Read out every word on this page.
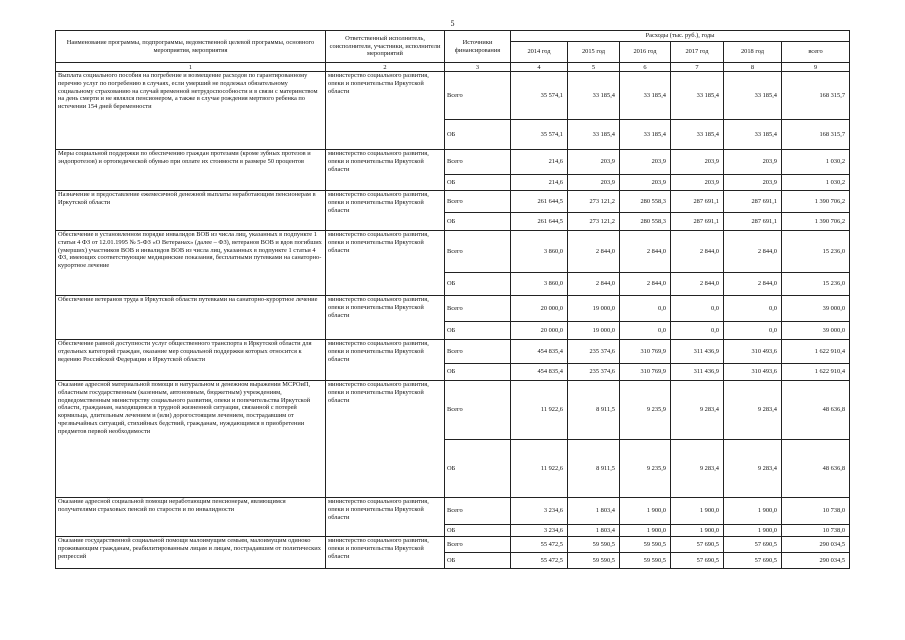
5
Наименование программы, подпрограммы, ведомственной целевой программы, основного мероприятия, мероприятия	Ответственный исполнитель, соисполнители, участники, исполнители мероприятий	Источники финансирования	Расходы (тыс. руб.), годы					
			2014 год	2015 год	2016 год	2017 год	2018 год	всего
1	2	3	4	5	6	7	8	9
Выплата социального пособия на погребение и возмещение расходов по гарантированному перечню услуг по погребению в случаях, если умерший не подлежал обязательному социальному страхованию на случай временной нетрудоспособности и в связи с материнством на день смерти и не являлся пенсионером, а также в случае рождения мертвого ребенка по истечении 154 дней беременности	министерство социального развития, опеки и попечительства Иркутской области	Всего	35 574,1	33 185,4	33 185,4	33 185,4	33 185,4	168 315,7
		ОБ	35 574,1	33 185,4	33 185,4	33 185,4	33 185,4	168 315,7
Меры социальной поддержки по обеспечению граждан протезами (кроме зубных протезов и эндопротезов) и ортопедической обувью при оплате их стоимости в размере 50 процентов	министерство социального развития, опеки и попечительства Иркутской области	Всего	214,6	203,9	203,9	203,9	203,9	1 030,2
		ОБ	214,6	203,9	203,9	203,9	203,9	1 030,2
Назначение и предоставление ежемесячной денежной выплаты неработающим пенсионерам в Иркутской области	министерство социального развития, опеки и попечительства Иркутской области	Всего	261 644,5	273 121,2	280 558,3	287 691,1	287 691,1	1 390 706,2
		ОБ	261 644,5	273 121,2	280 558,3	287 691,1	287 691,1	1 390 706,2
Обеспечение в установленном порядке инвалидов ВОВ из числа лиц, указанных в подпункте 1 статьи 4 ФЗ от 12.01.1995 № 5-ФЗ «О Ветеранах» (далее – ФЗ), ветеранов ВОВ и вдов погибших (умерших) участников ВОВ и инвалидов ВОВ из числа лиц, указанных в подпункте 1 статьи 4 ФЗ, имеющих соответствующие медицинские показания, бесплатными путевками на санаторно-курортное лечение	министерство социального развития, опеки и попечительства Иркутской области	Всего	3 860,0	2 844,0	2 844,0	2 844,0	2 844,0	15 236,0
		ОБ	3 860,0	2 844,0	2 844,0	2 844,0	2 844,0	15 236,0
Обеспечение ветеранов труда в Иркутской области путевками на санаторно-курортное лечение	министерство социального развития, опеки и попечительства Иркутской области	Всего	20 000,0	19 000,0	0,0	0,0	0,0	39 000,0
		ОБ	20 000,0	19 000,0	0,0	0,0	0,0	39 000,0
Обеспечение равной доступности услуг общественного транспорта в Иркутской области для отдельных категорий граждан, оказание мер социальной поддержки которых относится к ведению Российской Федерации и Иркутской области	министерство социального развития, опеки и попечительства Иркутской области	Всего	454 835,4	235 374,6	310 769,9	311 436,9	310 493,6	1 622 910,4
		ОБ	454 835,4	235 374,6	310 769,9	311 436,9	310 493,6	1 622 910,4
Оказание адресной материальной помощи в натуральном и денежном выражении МСРОиП, областным государственным (казенным, автономным, бюджетным) учреждениям, подведомственным министерству социального развития, опеки и попечительства Иркутской области, гражданам, находящимся в трудной жизненной ситуации, связанной с потерей кормильца, длительным лечением и (или) дорогостоящим лечением, пострадавшим от чрезвычайных ситуаций, стихийных бедствий, гражданам, нуждающимся в приобретении предметов первой необходимости	министерство социального развития, опеки и попечительства Иркутской области	Всего	11 922,6	8 911,5	9 235,9	9 283,4	9 283,4	48 636,8
		ОБ	11 922,6	8 911,5	9 235,9	9 283,4	9 283,4	48 636,8
Оказание адресной социальной помощи неработающим пенсионерам, являющимся получателями страховых пенсий по старости и по инвалидности	министерство социального развития, опеки и попечительства Иркутской области	Всего	3 234,6	1 803,4	1 900,0	1 900,0	1 900,0	10 738,0
		ОБ	3 234,6	1 803,4	1 900,0	1 900,0	1 900,0	10 738,0
Оказание государственной социальной помощи малоимущим семьям, малоимущим одиноко проживающим гражданам, реабилитированным лицам и лицам, пострадавшим от политических репрессий	министерство социального развития, опеки и попечительства Иркутской области	Всего	55 472,5	59 590,5	59 590,5	57 690,5	57 690,5	290 034,5
		ОБ	55 472,5	59 590,5	59 590,5	57 690,5	57 690,5	290 034,5
